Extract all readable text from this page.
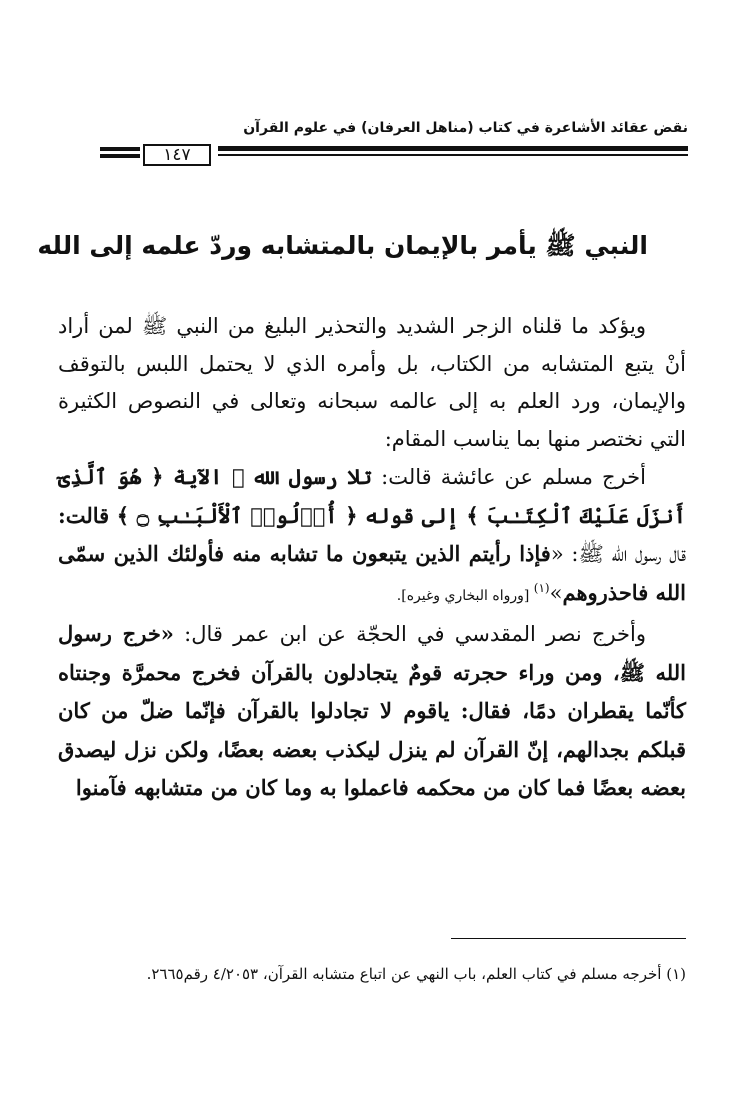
نقض عقائد الأشاعرة في كتاب (مناهل العرفان) في علوم القرآن
١٤٧
النبي ﷺ يأمر بالإيمان بالمتشابه وردّ علمه إلى الله

ويؤكد ما قلناه الزجر الشديد والتحذير البليغ من النبي ﷺ لمن أراد أنْ يتبع المتشابه من الكتاب، بل وأمره الذي لا يحتمل اللبس بالتوقف والإيمان، ورد العلم به إلى عالمه سبحانه وتعالى في النصوص الكثيرة التي نختصر منها بما يناسب المقام:

أخرج مسلم عن عائشة قالت: تلا رسول الله ﷺ الآية ﴿ هُوَ ٱلَّذِىٓ أَنزَلَ عَلَيْكَ ٱلْكِتَـٰبَ ﴾ إلى قوله ﴿ أُو۟لُوا۟ ٱلْأَلْبَـٰبِ ۝ ﴾ قالت: قال رسول الله ﷺ: «فإذا رأيتم الذين يتبعون ما تشابه منه فأولئك الذين سمّى الله فاحذروهم»$^{(١)}$ [ورواه البخاري وغيره].

وأخرج نصر المقدسي في الحجّة عن ابن عمر قال: «خرج رسول الله ﷺ، ومن وراء حجرته قومٌ يتجادلون بالقرآن فخرج محمرَّة وجنتاه كأنّما يقطران دمًا، فقال: ياقوم لا تجادلوا بالقرآن فإنّما ضلّ من كان قبلكم بجدالهم، إنّ القرآن لم ينزل ليكذب بعضه بعضًا، ولكن نزل ليصدق بعضه بعضًا فما كان من محكمه فاعملوا به وما كان من متشابهه فآمنوا

(١) أخرجه مسلم في كتاب العلم، باب النهي عن اتباع متشابه القرآن، ٤/٢٠٥٣ رقم٢٦٦٥.
